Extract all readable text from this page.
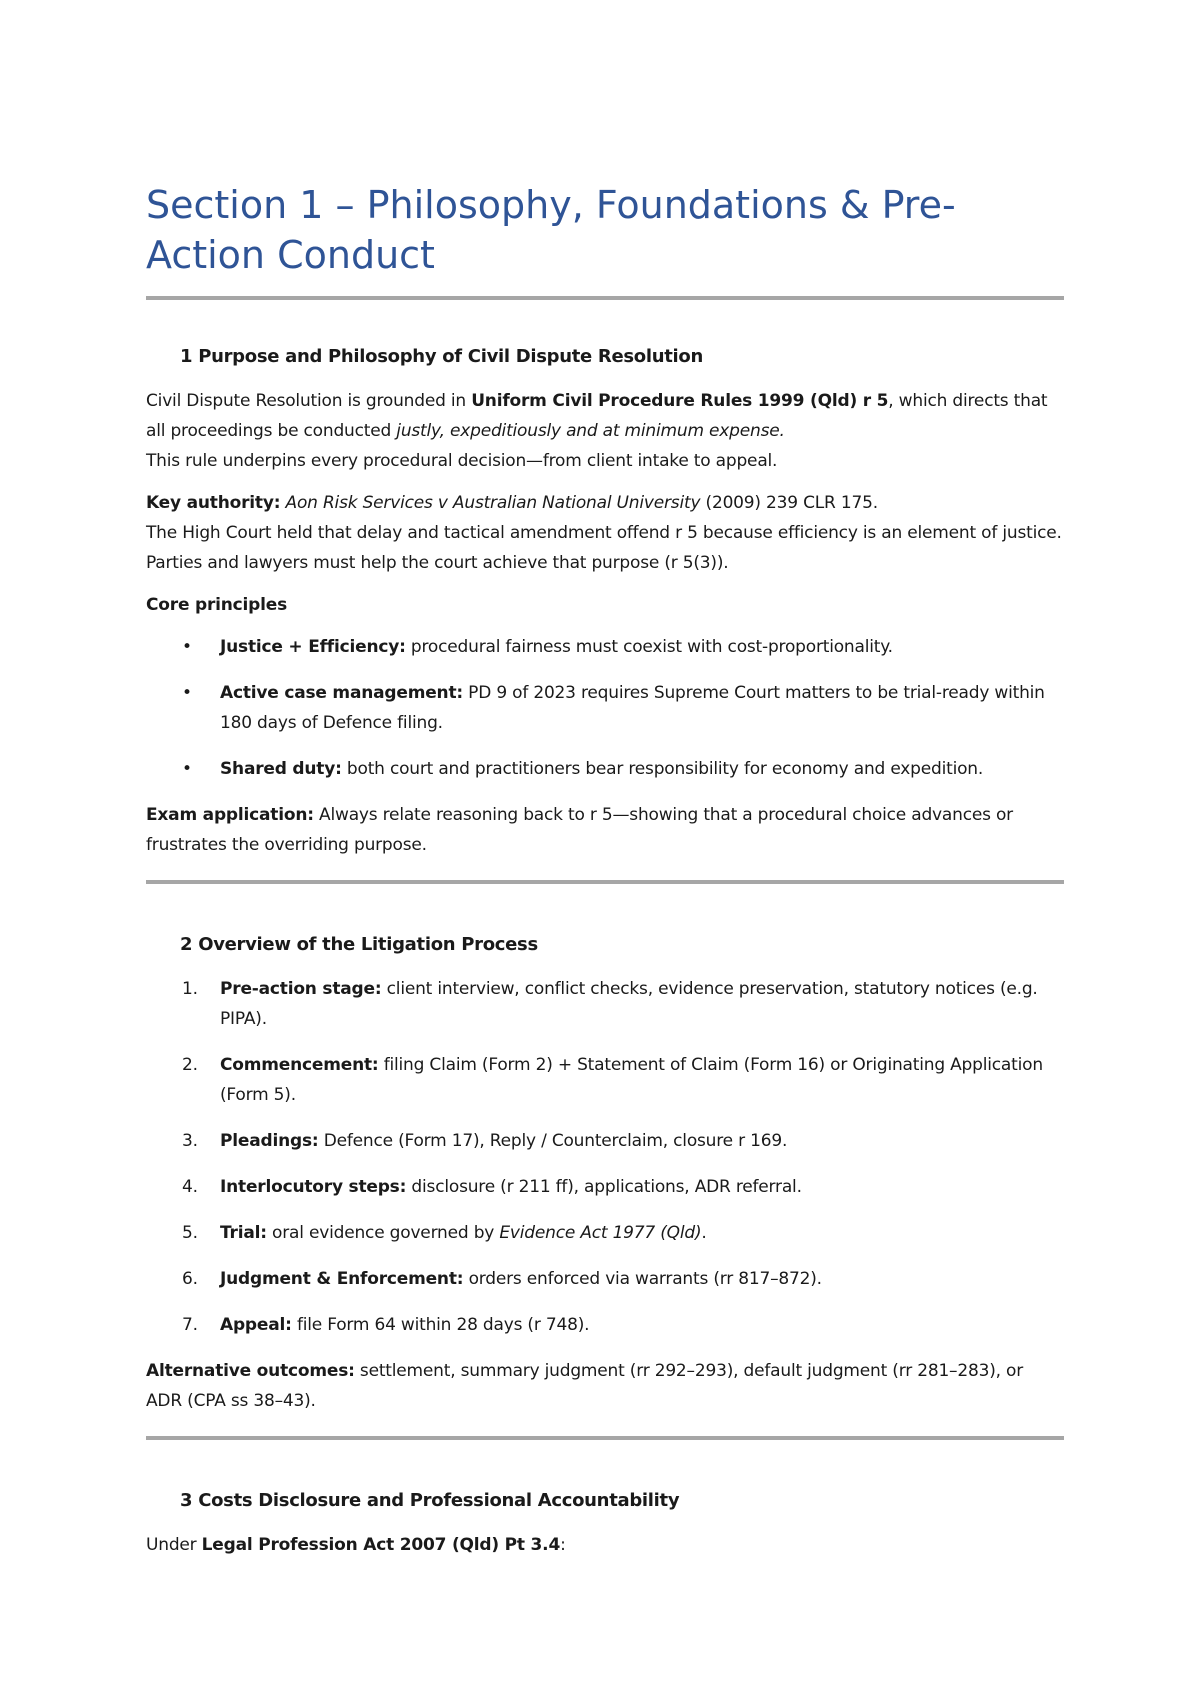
Section 1 – Philosophy, Foundations & Pre-Action Conduct
1 Purpose and Philosophy of Civil Dispute Resolution

Civil Dispute Resolution is grounded in Uniform Civil Procedure Rules 1999 (Qld) r 5, which directs that all proceedings be conducted justly, expeditiously and at minimum expense.
This rule underpins every procedural decision—from client intake to appeal.

Key authority: Aon Risk Services v Australian National University (2009) 239 CLR 175.
The High Court held that delay and tactical amendment offend r 5 because efficiency is an element of justice. Parties and lawyers must help the court achieve that purpose (r 5(3)).

Core principles

• Justice + Efficiency: procedural fairness must coexist with cost-proportionality.
• Active case management: PD 9 of 2023 requires Supreme Court matters to be trial-ready within 180 days of Defence filing.
• Shared duty: both court and practitioners bear responsibility for economy and expedition.

Exam application: Always relate reasoning back to r 5—showing that a procedural choice advances or frustrates the overriding purpose.

2 Overview of the Litigation Process
1. Pre-action stage: client interview, conflict checks, evidence preservation, statutory notices (e.g. PIPA).
2. Commencement: filing Claim (Form 2) + Statement of Claim (Form 16) or Originating Application (Form 5).
3. Pleadings: Defence (Form 17), Reply / Counterclaim, closure r 169.
4. Interlocutory steps: disclosure (r 211 ff), applications, ADR referral.
5. Trial: oral evidence governed by Evidence Act 1977 (Qld).
6. Judgment & Enforcement: orders enforced via warrants (rr 817–872).
7. Appeal: file Form 64 within 28 days (r 748).

Alternative outcomes: settlement, summary judgment (rr 292–293), default judgment (rr 281–283), or ADR (CPA ss 38–43).

3 Costs Disclosure and Professional Accountability

Under Legal Profession Act 2007 (Qld) Pt 3.4:
